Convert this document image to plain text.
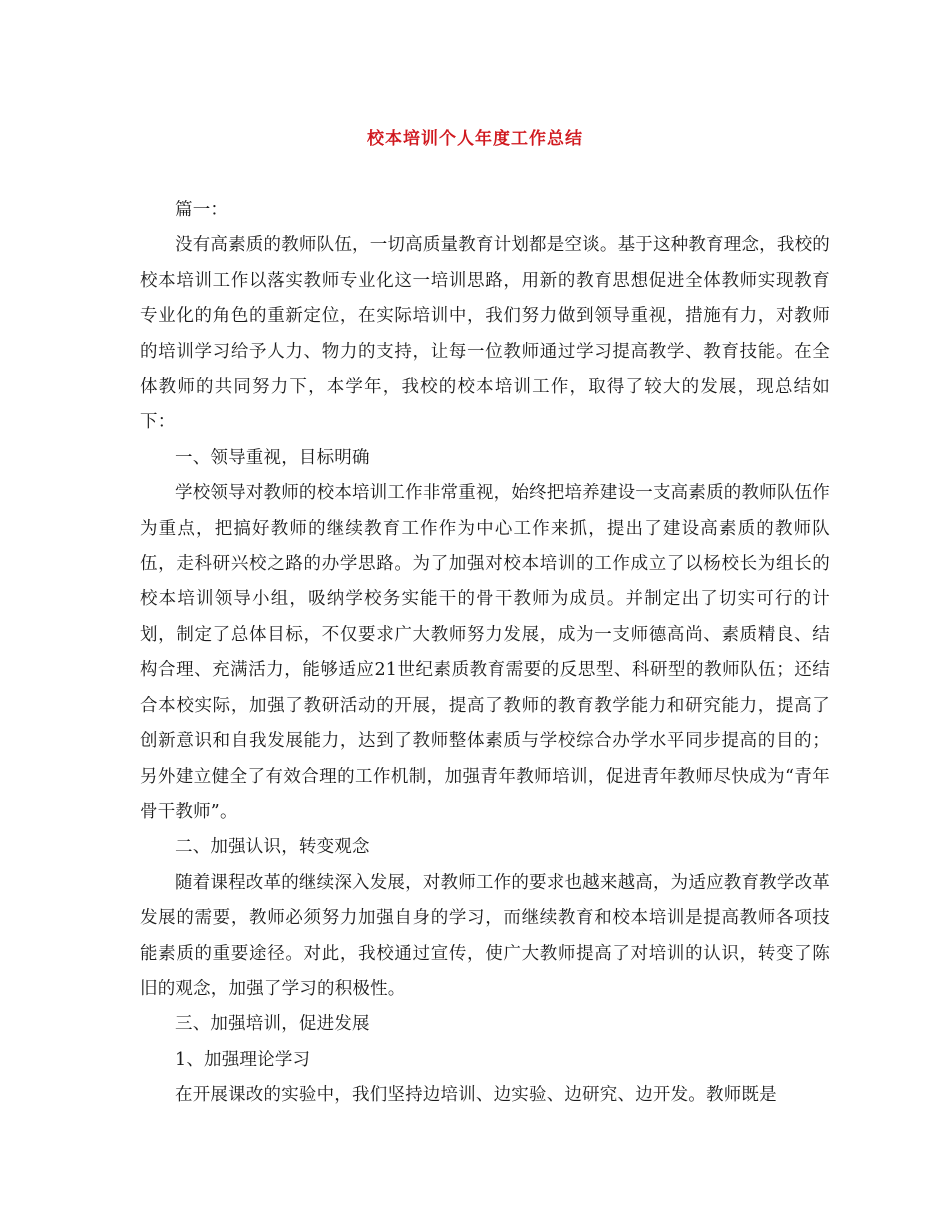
校本培训个人年度工作总结

篇一：

没有高素质的教师队伍，一切高质量教育计划都是空谈。基于这种教育理念，我校的校本培训工作以落实教师专业化这一培训思路，用新的教育思想促进全体教师实现教育专业化的角色的重新定位，在实际培训中，我们努力做到领导重视，措施有力，对教师的培训学习给予人力、物力的支持，让每一位教师通过学习提高教学、教育技能。在全体教师的共同努力下，本学年，我校的校本培训工作，取得了较大的发展，现总结如下：

一、领导重视，目标明确

学校领导对教师的校本培训工作非常重视，始终把培养建设一支高素质的教师队伍作为重点，把搞好教师的继续教育工作作为中心工作来抓，提出了建设高素质的教师队伍，走科研兴校之路的办学思路。为了加强对校本培训的工作成立了以杨校长为组长的校本培训领导小组，吸纳学校务实能干的骨干教师为成员。并制定出了切实可行的计划，制定了总体目标，不仅要求广大教师努力发展，成为一支师德高尚、素质精良、结构合理、充满活力，能够适应21世纪素质教育需要的反思型、科研型的教师队伍；还结合本校实际，加强了教研活动的开展，提高了教师的教育教学能力和研究能力，提高了创新意识和自我发展能力，达到了教师整体素质与学校综合办学水平同步提高的目的；另外建立健全了有效合理的工作机制，加强青年教师培训，促进青年教师尽快成为“青年骨干教师”。

二、加强认识，转变观念

随着课程改革的继续深入发展，对教师工作的要求也越来越高，为适应教育教学改革发展的需要，教师必须努力加强自身的学习，而继续教育和校本培训是提高教师各项技能素质的重要途径。对此，我校通过宣传，使广大教师提高了对培训的认识，转变了陈旧的观念，加强了学习的积极性。

三、加强培训，促进发展

1、加强理论学习

在开展课改的实验中，我们坚持边培训、边实验、边研究、边开发。教师既是
